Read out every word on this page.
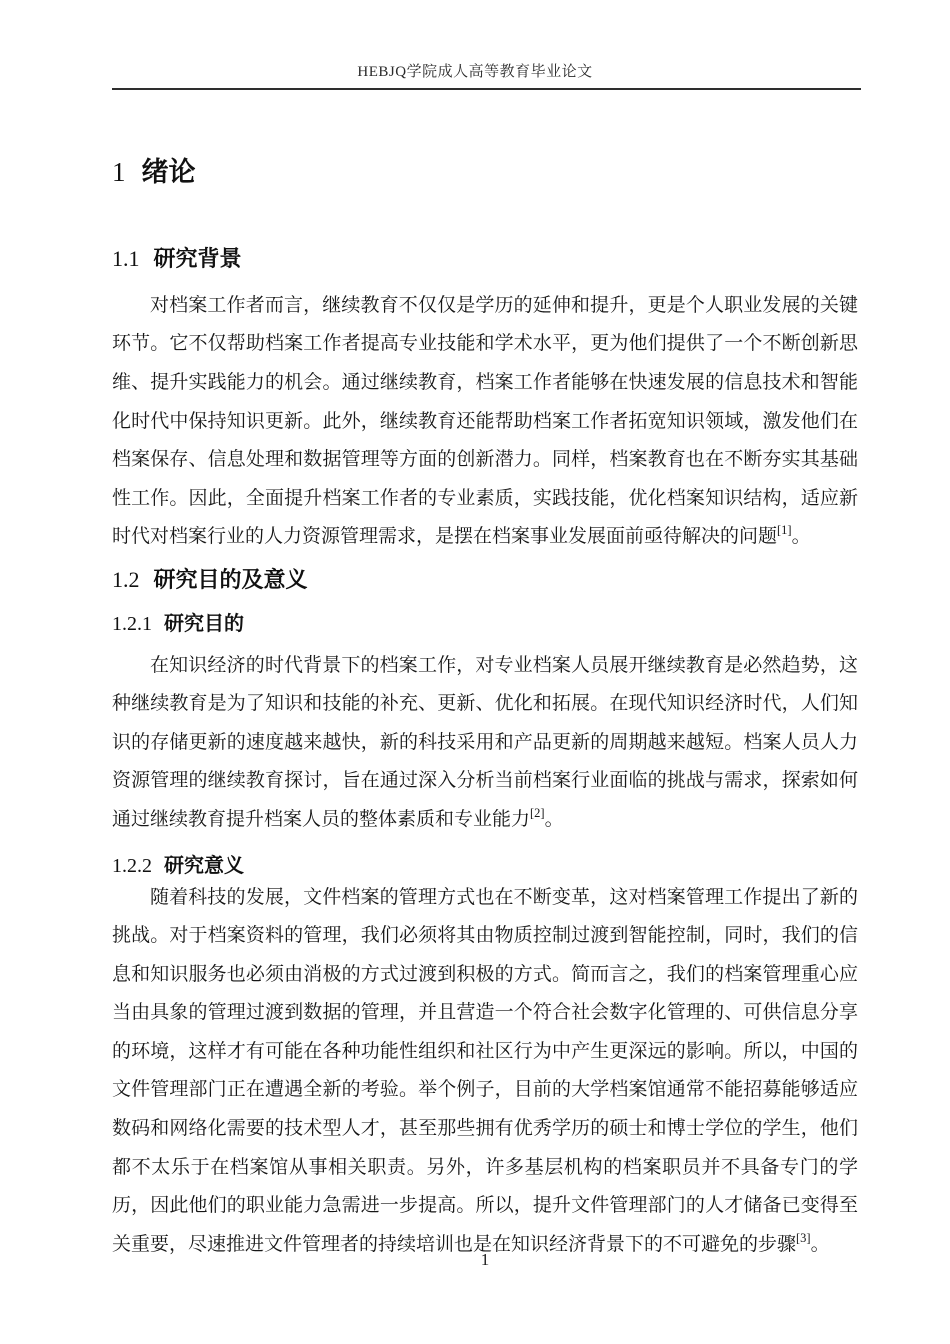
HEBJQ学院成人高等教育毕业论文
1 绪论
1.1 研究背景

对档案工作者而言，继续教育不仅仅是学历的延伸和提升，更是个人职业发展的关键环节。它不仅帮助档案工作者提高专业技能和学术水平，更为他们提供了一个不断创新思维、提升实践能力的机会。通过继续教育，档案工作者能够在快速发展的信息技术和智能化时代中保持知识更新。此外，继续教育还能帮助档案工作者拓宽知识领域，激发他们在档案保存、信息处理和数据管理等方面的创新潜力。同样，档案教育也在不断夯实其基础性工作。因此，全面提升档案工作者的专业素质，实践技能，优化档案知识结构，适应新时代对档案行业的人力资源管理需求，是摆在档案事业发展面前亟待解决的问题[1]。

1.2 研究目的及意义
1.2.1 研究目的

在知识经济的时代背景下的档案工作，对专业档案人员展开继续教育是必然趋势，这种继续教育是为了知识和技能的补充、更新、优化和拓展。在现代知识经济时代，人们知识的存储更新的速度越来越快，新的科技采用和产品更新的周期越来越短。档案人员人力资源管理的继续教育探讨，旨在通过深入分析当前档案行业面临的挑战与需求，探索如何通过继续教育提升档案人员的整体素质和专业能力[2]。

1.2.2 研究意义

随着科技的发展，文件档案的管理方式也在不断变革，这对档案管理工作提出了新的挑战。对于档案资料的管理，我们必须将其由物质控制过渡到智能控制，同时，我们的信息和知识服务也必须由消极的方式过渡到积极的方式。简而言之，我们的档案管理重心应当由具象的管理过渡到数据的管理，并且营造一个符合社会数字化管理的、可供信息分享的环境，这样才有可能在各种功能性组织和社区行为中产生更深远的影响。所以，中国的文件管理部门正在遭遇全新的考验。举个例子，目前的大学档案馆通常不能招募能够适应数码和网络化需要的技术型人才，甚至那些拥有优秀学历的硕士和博士学位的学生，他们都不太乐于在档案馆从事相关职责。另外，许多基层机构的档案职员并不具备专门的学历，因此他们的职业能力急需进一步提高。所以，提升文件管理部门的人才储备已变得至关重要，尽速推进文件管理者的持续培训也是在知识经济背景下的不可避免的步骤[3]。

1
